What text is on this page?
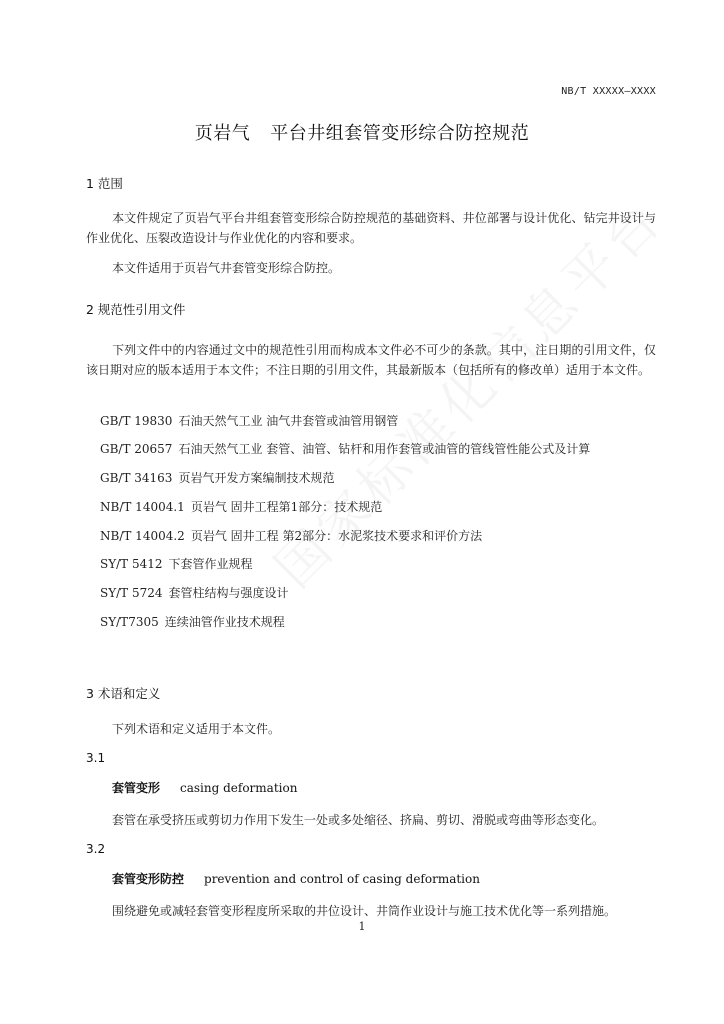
NB/T XXXXX—XXXX
页岩气 平台井组套管变形综合防控规范
1 范围
本文件规定了页岩气平台井组套管变形综合防控规范的基础资料、井位部署与设计优化、钻完井设计与作业优化、压裂改造设计与作业优化的内容和要求。
本文件适用于页岩气井套管变形综合防控。
2 规范性引用文件
下列文件中的内容通过文中的规范性引用而构成本文件必不可少的条款。其中，注日期的引用文件，仅该日期对应的版本适用于本文件；不注日期的引用文件，其最新版本（包括所有的修改单）适用于本文件。
GB/T 19830 石油天然气工业 油气井套管或油管用钢管
GB/T 20657 石油天然气工业 套管、油管、钻杆和用作套管或油管的管线管性能公式及计算
GB/T 34163 页岩气开发方案编制技术规范
NB/T 14004.1 页岩气 固井工程第1部分：技术规范
NB/T 14004.2 页岩气 固井工程 第2部分：水泥浆技术要求和评价方法
SY/T 5412 下套管作业规程
SY/T 5724 套管柱结构与强度设计
SY/T7305 连续油管作业技术规程
3 术语和定义
下列术语和定义适用于本文件。
3.1
套管变形 casing deformation
套管在承受挤压或剪切力作用下发生一处或多处缩径、挤扁、剪切、滑脱或弯曲等形态变化。
3.2
套管变形防控 prevention and control of casing deformation
围绕避免或减轻套管变形程度所采取的井位设计、井筒作业设计与施工技术优化等一系列措施。
1
